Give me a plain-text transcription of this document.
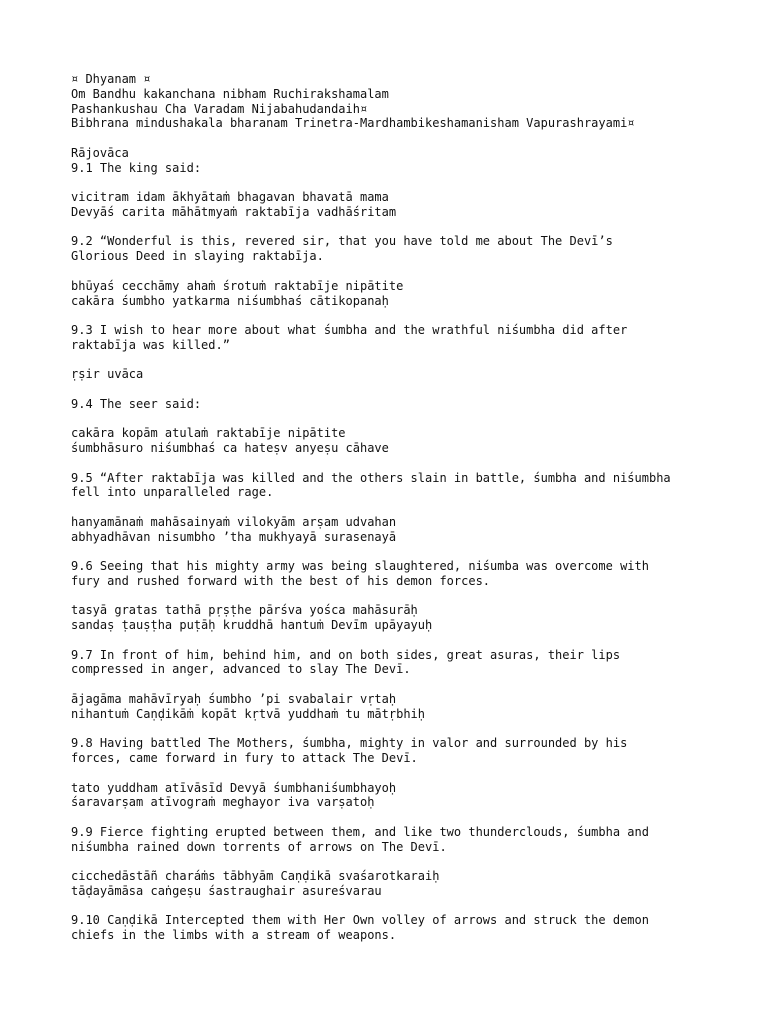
¤ Dhyanam ¤
Om Bandhu kakanchana nibham Ruchirakshamalam
Pashankushau Cha Varadam Nijabahudandaih¤
Bibhrana mindushakala bharanam Trinetra-Mardhambikeshamanisham Vapurashrayami¤
Rājovāca
9.1 The king said:
vicitram idam ākhyātaṁ bhagavan bhavatā mama
Devyāś carita māhātmyaṁ raktabīja vadhāśritam
9.2 “Wonderful is this, revered sir, that you have told me about The Devī’s
Glorious Deed in slaying raktabīja.
bhūyaś cecchāmy ahaṁ śrotuṁ raktabīje nipātite
cakāra śumbho yatkarma niśumbhaś cātikopanaḥ
9.3 I wish to hear more about what śumbha and the wrathful niśumbha did after
raktabīja was killed.”
ṛṣir uvāca
9.4 The seer said:
cakāra kopām atulaṁ raktabīje nipātite
śumbhāsuro niśumbhaś ca hateṣv anyeṣu cāhave
9.5 “After raktabīja was killed and the others slain in battle, śumbha and niśumbha
fell into unparalleled rage.
hanyamānaṁ mahāsainyaṁ vilokyām arṣam udvahan
abhyadhāvan nisumbho ’tha mukhyayā surasenayā
9.6 Seeing that his mighty army was being slaughtered, niśumba was overcome with
fury and rushed forward with the best of his demon forces.
tasyā gratas tathā pṛṣṭhe pārśva yośca mahāsurāḥ
sandaṣ ṭauṣṭha puṭāḥ kruddhā hantuṁ Devīm upāyayuḥ
9.7 In front of him, behind him, and on both sides, great asuras, their lips
compressed in anger, advanced to slay The Devī.
ājagāma mahāvīryaḥ śumbho ’pi svabalair vṛtaḥ
nihantuṁ Caṇḍikāṁ kopāt kṛtvā yuddhaṁ tu mātṛbhiḥ
9.8 Having battled The Mothers, śumbha, mighty in valor and surrounded by his
forces, came forward in fury to attack The Devī.
tato yuddham atīvāsīd Devyā śumbhaniśumbhayoḥ
śaravarṣam atīvograṁ meghayor iva varṣatoḥ
9.9 Fierce fighting erupted between them, and like two thunderclouds, śumbha and
niśumbha rained down torrents of arrows on The Devī.
cicchedāstāñ charáṁs tābhyām Caṇḍikā svaśarotkaraiḥ
tāḍayāmāsa caṅgeṣu śastraughair asureśvarau
9.10 Caṇḍikā Intercepted them with Her Own volley of arrows and struck the demon
chiefs in the limbs with a stream of weapons.
